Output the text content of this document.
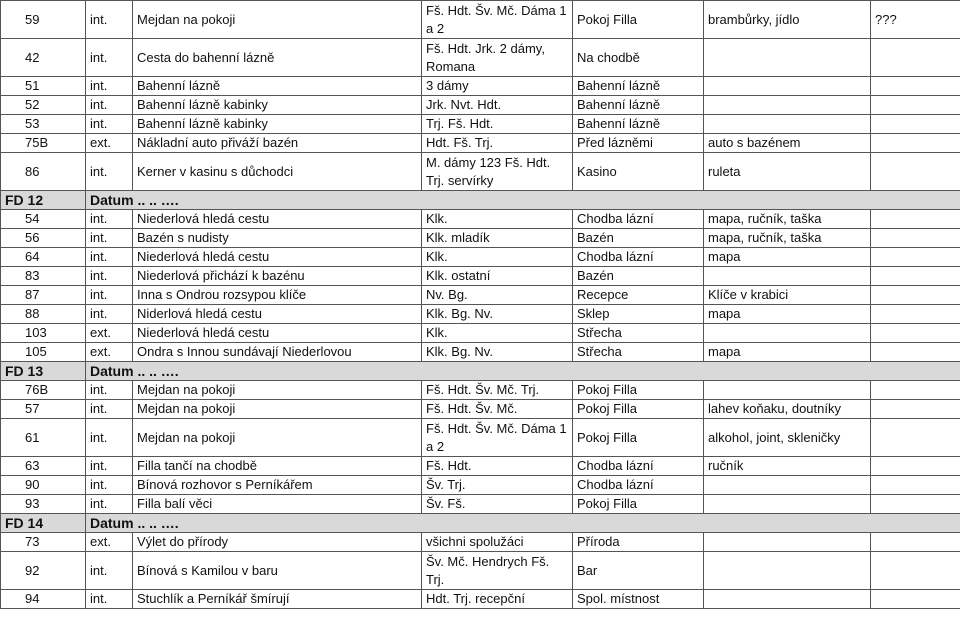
59	int.	Mejdan na pokoji	Fš. Hdt. Šv. Mč. Dáma 1 a 2	Pokoj Filla	brambůrky, jídlo	???
42	int.	Cesta do bahenní lázně	Fš. Hdt. Jrk. 2 dámy, Romana	Na chodbě		
51	int.	Bahenní lázně	3 dámy	Bahenní lázně		
52	int.	Bahenní lázně kabinky	Jrk. Nvt. Hdt.	Bahenní lázně		
53	int.	Bahenní lázně kabinky	Trj. Fš. Hdt.	Bahenní lázně		
75B	ext.	Nákladní auto přiváží bazén	Hdt. Fš. Trj.	Před lázněmi	auto s bazénem	
86	int.	Kerner v kasinu s důchodci	M. dámy 123 Fš. Hdt. Trj. servírky	Kasino	ruleta	
FD 12	Datum .. .. ….					
54	int.	Niederlová hledá cestu	Klk.	Chodba lázní	mapa, ručník, taška	
56	int.	Bazén s nudisty	Klk. mladík	Bazén	mapa, ručník, taška	
64	int.	Niederlová hledá cestu	Klk.	Chodba lázní	mapa	
83	int.	Niederlová přichází k bazénu	Klk. ostatní	Bazén		
87	int.	Inna s Ondrou rozsypou klíče	Nv. Bg.	Recepce	Klíče v krabici	
88	int.	Niderlová hledá cestu	Klk. Bg. Nv.	Sklep	mapa	
103	ext.	Niederlová hledá cestu	Klk.	Střecha		
105	ext.	Ondra s Innou sundávají Niederlovou	Klk. Bg. Nv.	Střecha	mapa	
FD 13	Datum .. .. ….					
76B	int.	Mejdan na pokoji	Fš. Hdt. Šv. Mč. Trj.	Pokoj Filla		
57	int.	Mejdan na pokoji	Fš. Hdt. Šv. Mč.	Pokoj Filla	lahev koňaku, doutníky	
61	int.	Mejdan na pokoji	Fš. Hdt. Šv. Mč. Dáma 1 a 2	Pokoj Filla	alkohol, joint, skleničky	
63	int.	Filla tančí na chodbě	Fš. Hdt.	Chodba lázní	ručník	
90	int.	Bínová rozhovor s Perníkářem	Šv. Trj.	Chodba lázní		
93	int.	Filla balí věci	Šv. Fš.	Pokoj Filla		
FD 14	Datum .. .. ….					
73	ext.	Výlet do přírody	všichni spolužáci	Příroda		
92	int.	Bínová s Kamilou v baru	Šv. Mč. Hendrych Fš. Trj.	Bar		
94	int.	Stuchlík a Perníkář šmírují	Hdt. Trj. recepční	Spol. místnost		
